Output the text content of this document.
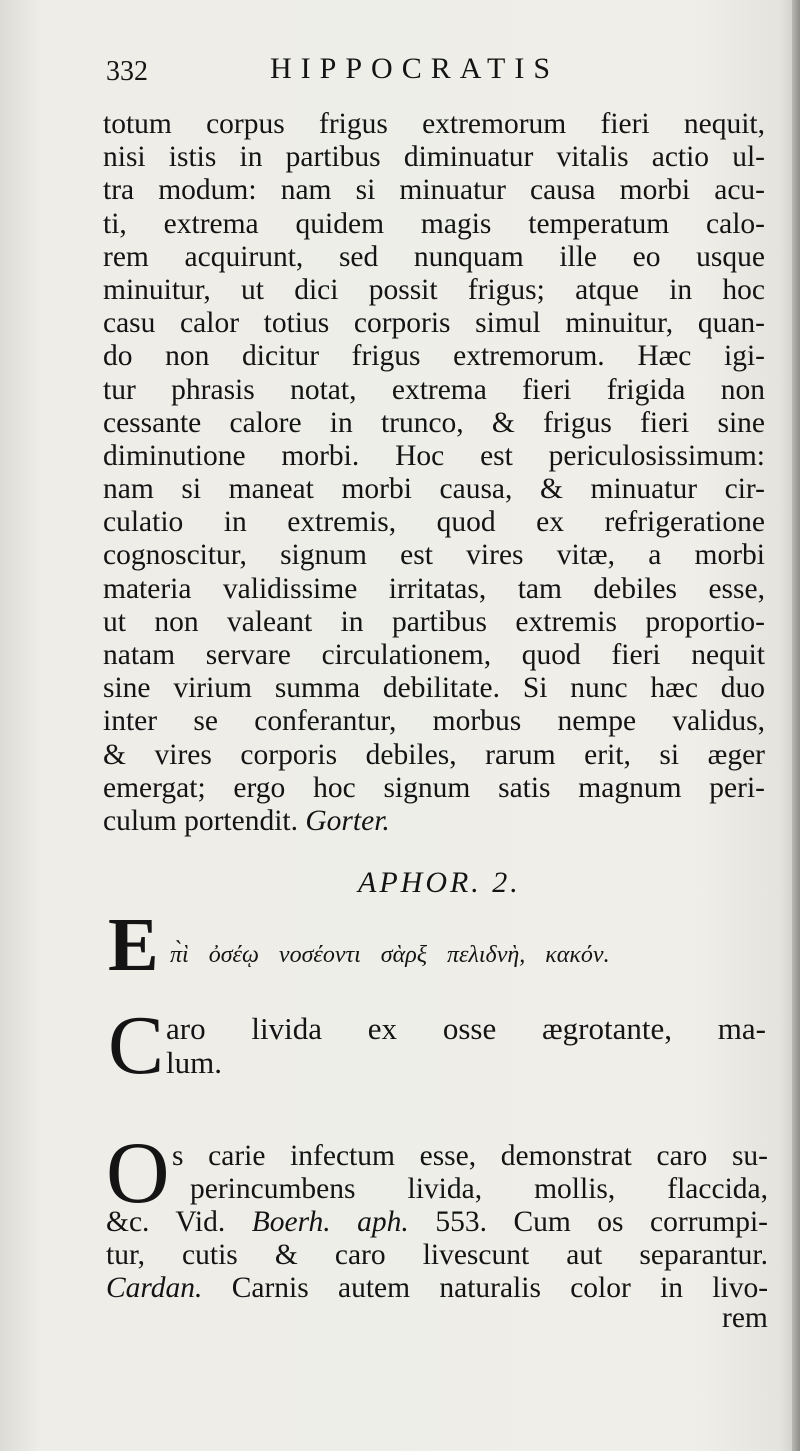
332	HIPPOCRATIS
totum corpus frigus extremorum fieri nequit,
nisi istis in partibus diminuatur vitalis actio ul-
tra modum: nam si minuatur causa morbi acu-
ti, extrema quidem magis temperatum calo-
rem acquirunt, sed nunquam ille eo usque
minuitur, ut dici possit frigus; atque in hoc
casu calor totius corporis simul minuitur, quan-
do non dicitur frigus extremorum. Hæc igi-
tur phrasis notat, extrema fieri frigida non
cessante calore in trunco, & frigus fieri sine
diminutione morbi. Hoc est periculosissimum:
nam si maneat morbi causa, & minuatur cir-
culatio in extremis, quod ex refrigeratione
cognoscitur, signum est vires vitæ, a morbi
materia validissime irritatas, tam debiles esse,
ut non valeant in partibus extremis proportio-
natam servare circulationem, quod fieri nequit
sine virium summa debilitate. Si nunc hæc duo
inter se conferantur, morbus nempe validus,
& vires corporis debiles, rarum erit, si æger
emergat; ergo hoc signum satis magnum peri-
culum portendit. Gorter.
APHOR. 2.
E π̀ὶ ὀσέῳ νοσέοντι σὰρξ πελιδνὴ, κακόν.
C aro livida ex osse ægrotante, ma-
lum.
O s carie infectum esse, demonstrat caro su-
perincumbens livida, mollis, flaccida,
&c. Vid. Boerh. aph. 553. Cum os corrumpi-
tur, cutis & caro livescunt aut separantur.
Cardan. Carnis autem naturalis color in livo-
rem
